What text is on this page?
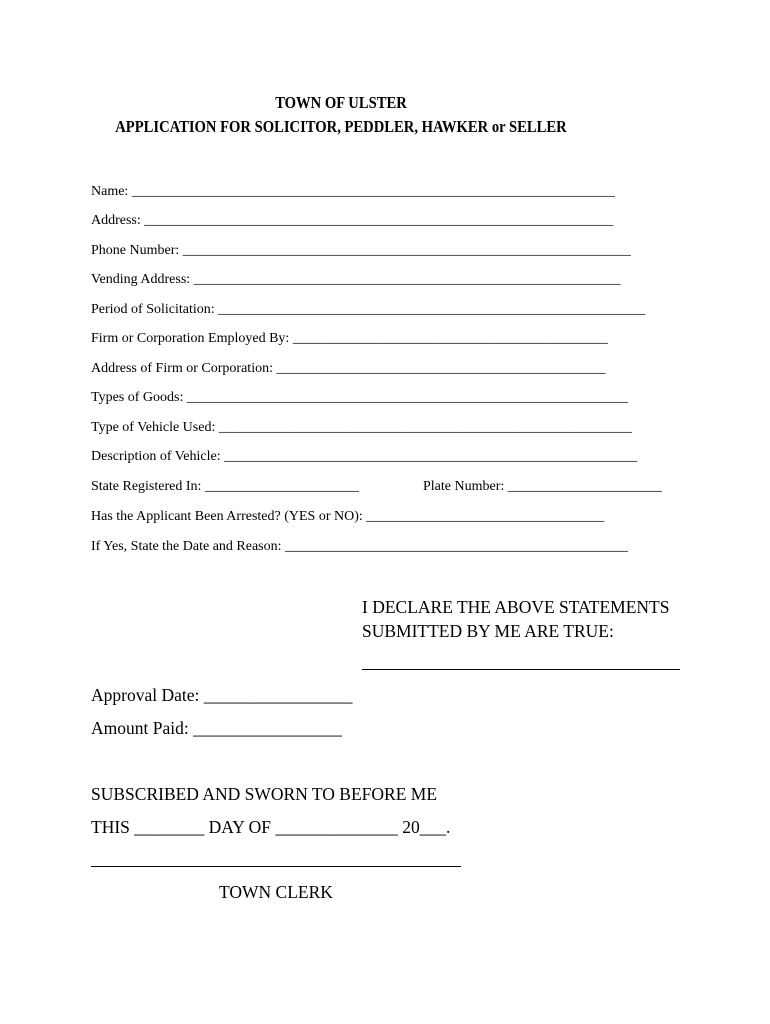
TOWN OF ULSTER
APPLICATION FOR SOLICITOR, PEDDLER, HAWKER or SELLER
Name: _____________________________________________________________________
Address: ___________________________________________________________________
Phone Number: ________________________________________________________________
Vending Address: _____________________________________________________________
Period of Solicitation: _____________________________________________________________
Firm or Corporation Employed By: _____________________________________________
Address of Firm or Corporation: _______________________________________________
Types of Goods: _______________________________________________________________
Type of Vehicle Used: ___________________________________________________________
Description of Vehicle: ___________________________________________________________
State Registered In: ______________________	Plate Number: ______________________
Has the Applicant Been Arrested? (YES or NO): __________________________________
If Yes, State the Date and Reason: _________________________________________________
I DECLARE THE ABOVE STATEMENTS
SUBMITTED BY ME ARE TRUE:
Approval Date: _________________
Amount Paid: _________________
SUBSCRIBED AND SWORN TO BEFORE ME
THIS ________ DAY OF ______________ 20___.
TOWN CLERK
